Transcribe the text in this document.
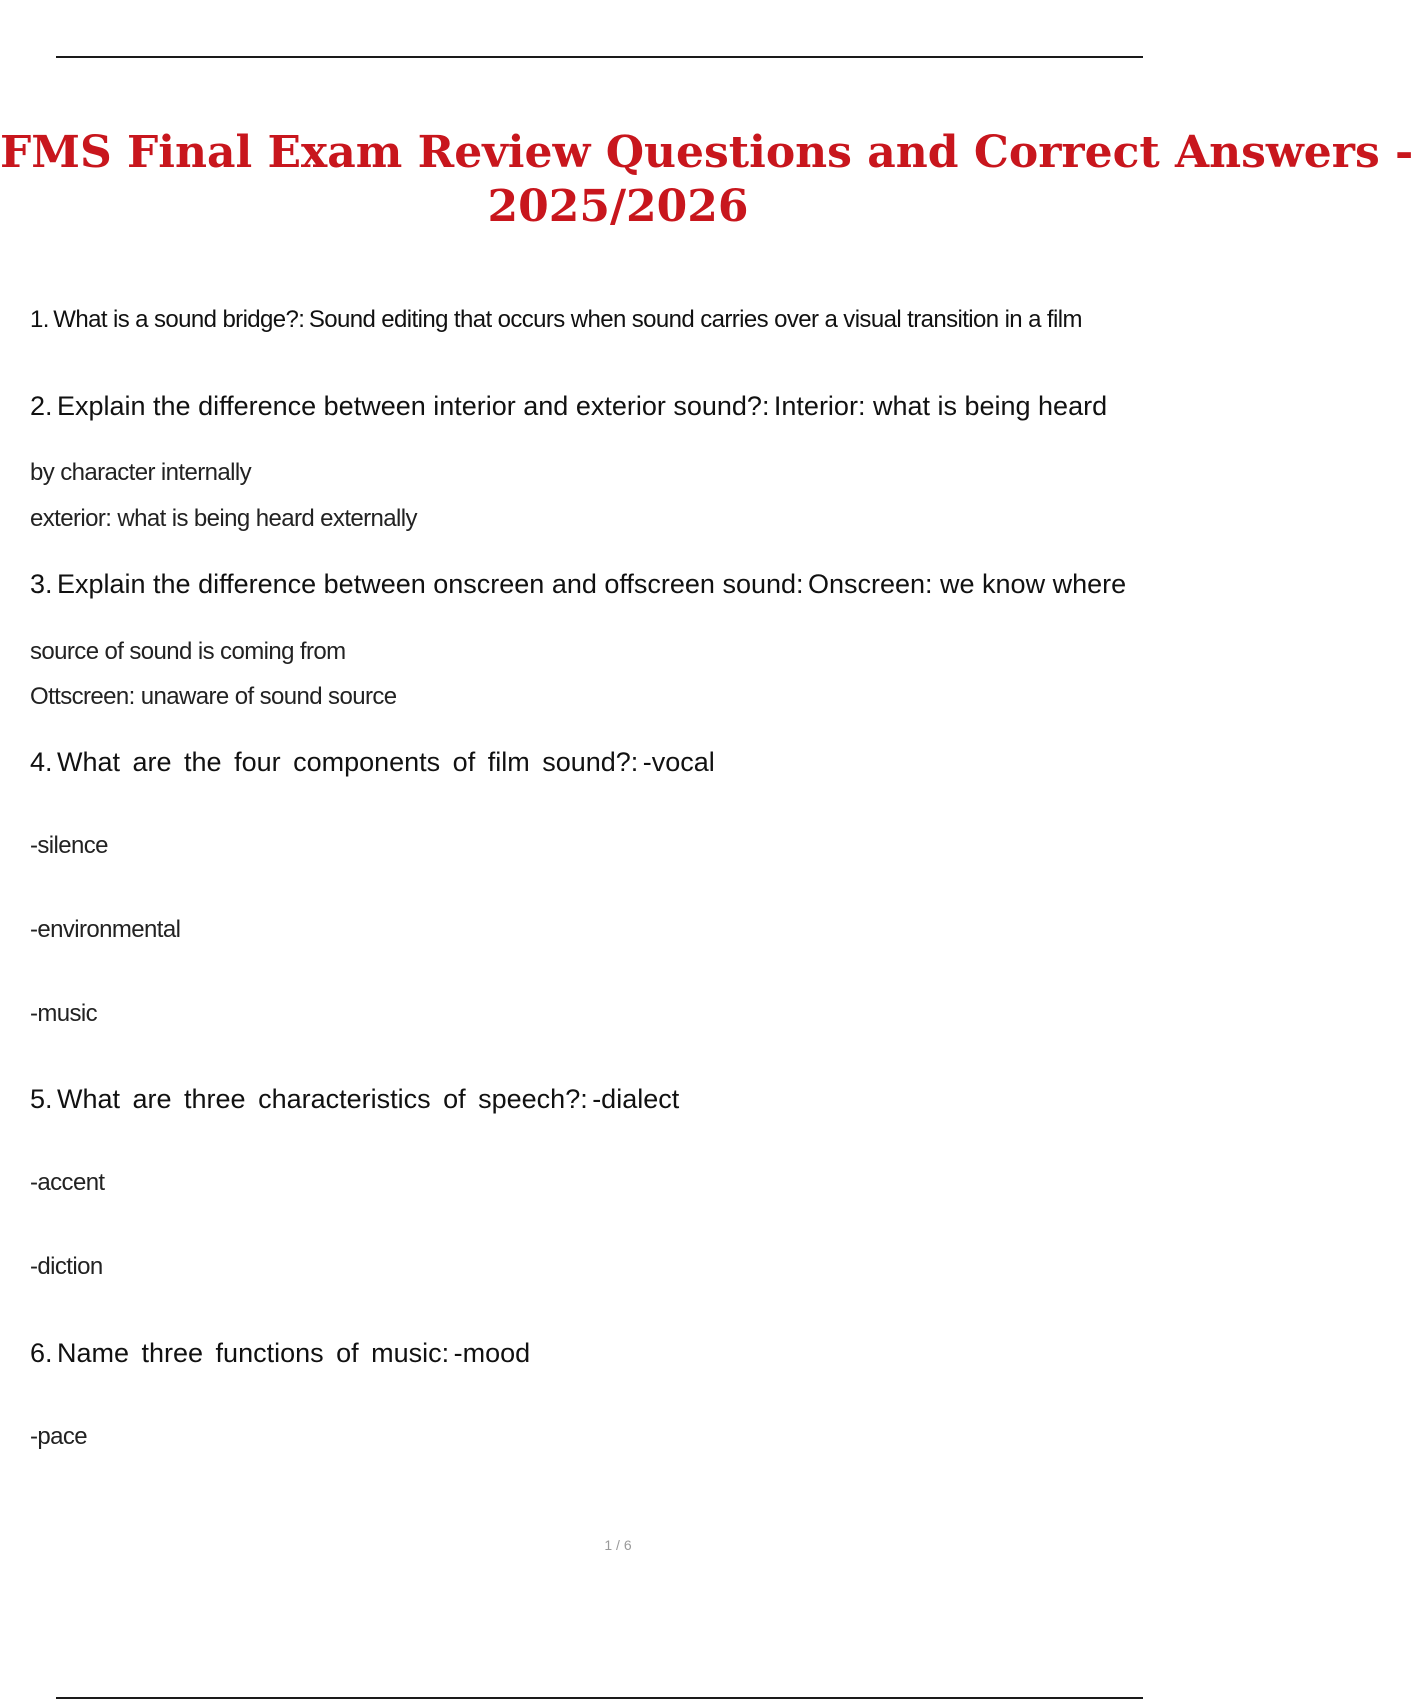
FMS Final Exam Review Questions and Correct Answers -
2025/2026
1. What is a sound bridge?: Sound editing that occurs when sound carries over a visual transition in a film
2. Explain the difference between interior and exterior sound?: Interior: what is being heard
by character internally
exterior: what is being heard externally
3. Explain the difference between onscreen and offscreen sound: Onscreen: we know where
source of sound is coming from
Ottscreen: unaware of sound source
4. What are the four components of film sound?: -vocal
-silence
-environmental
-music
5. What are three characteristics of speech?: -dialect
-accent
-diction
6. Name three functions of music: -mood
-pace
1 / 6
